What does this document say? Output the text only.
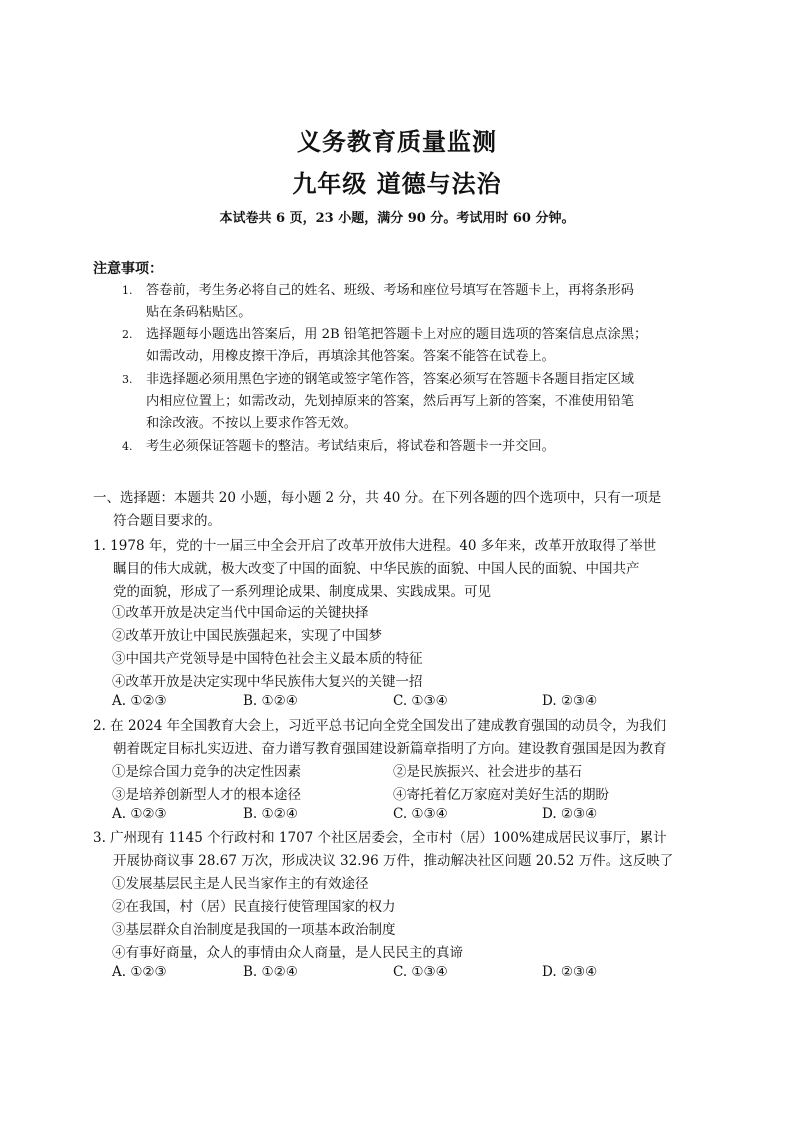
义务教育质量监测
九年级 道德与法治
本试卷共 6 页，23 小题，满分 90 分。考试用时 60 分钟。
注意事项：
1. 答卷前，考生务必将自己的姓名、班级、考场和座位号填写在答题卡上，再将条形码
贴在条码粘贴区。
2. 选择题每小题选出答案后，用 2B 铅笔把答题卡上对应的题目选项的答案信息点涂黑；
如需改动，用橡皮擦干净后，再填涂其他答案。答案不能答在试卷上。
3. 非选择题必须用黑色字迹的钢笔或签字笔作答，答案必须写在答题卡各题目指定区域
内相应位置上；如需改动，先划掉原来的答案，然后再写上新的答案，不准使用铅笔
和涂改液。不按以上要求作答无效。
4. 考生必须保证答题卡的整洁。考试结束后，将试卷和答题卡一并交回。
一、选择题：本题共 20 小题，每小题 2 分，共 40 分。在下列各题的四个选项中，只有一项是
符合题目要求的。
1. 1978 年，党的十一届三中全会开启了改革开放伟大进程。40 多年来，改革开放取得了举世
瞩目的伟大成就，极大改变了中国的面貌、中华民族的面貌、中国人民的面貌、中国共产
党的面貌，形成了一系列理论成果、制度成果、实践成果。可见
①改革开放是决定当代中国命运的关键抉择
②改革开放让中国民族强起来，实现了中国梦
③中国共产党领导是中国特色社会主义最本质的特征
④改革开放是决定实现中华民族伟大复兴的关键一招
A. ①②③	B. ①②④	C. ①③④	D. ②③④
2. 在 2024 年全国教育大会上，习近平总书记向全党全国发出了建成教育强国的动员令，为我们
朝着既定目标扎实迈进、奋力谱写教育强国建设新篇章指明了方向。建设教育强国是因为教育
①是综合国力竞争的决定性因素	②是民族振兴、社会进步的基石
③是培养创新型人才的根本途径	④寄托着亿万家庭对美好生活的期盼
A. ①②③	B. ①②④	C. ①③④	D. ②③④
3. 广州现有 1145 个行政村和 1707 个社区居委会，全市村（居）100%建成居民议事厅，累计
开展协商议事 28.67 万次，形成决议 32.96 万件，推动解决社区问题 20.52 万件。这反映了
①发展基层民主是人民当家作主的有效途径
②在我国，村（居）民直接行使管理国家的权力
③基层群众自治制度是我国的一项基本政治制度
④有事好商量，众人的事情由众人商量，是人民民主的真谛
A. ①②③	B. ①②④	C. ①③④	D. ②③④
